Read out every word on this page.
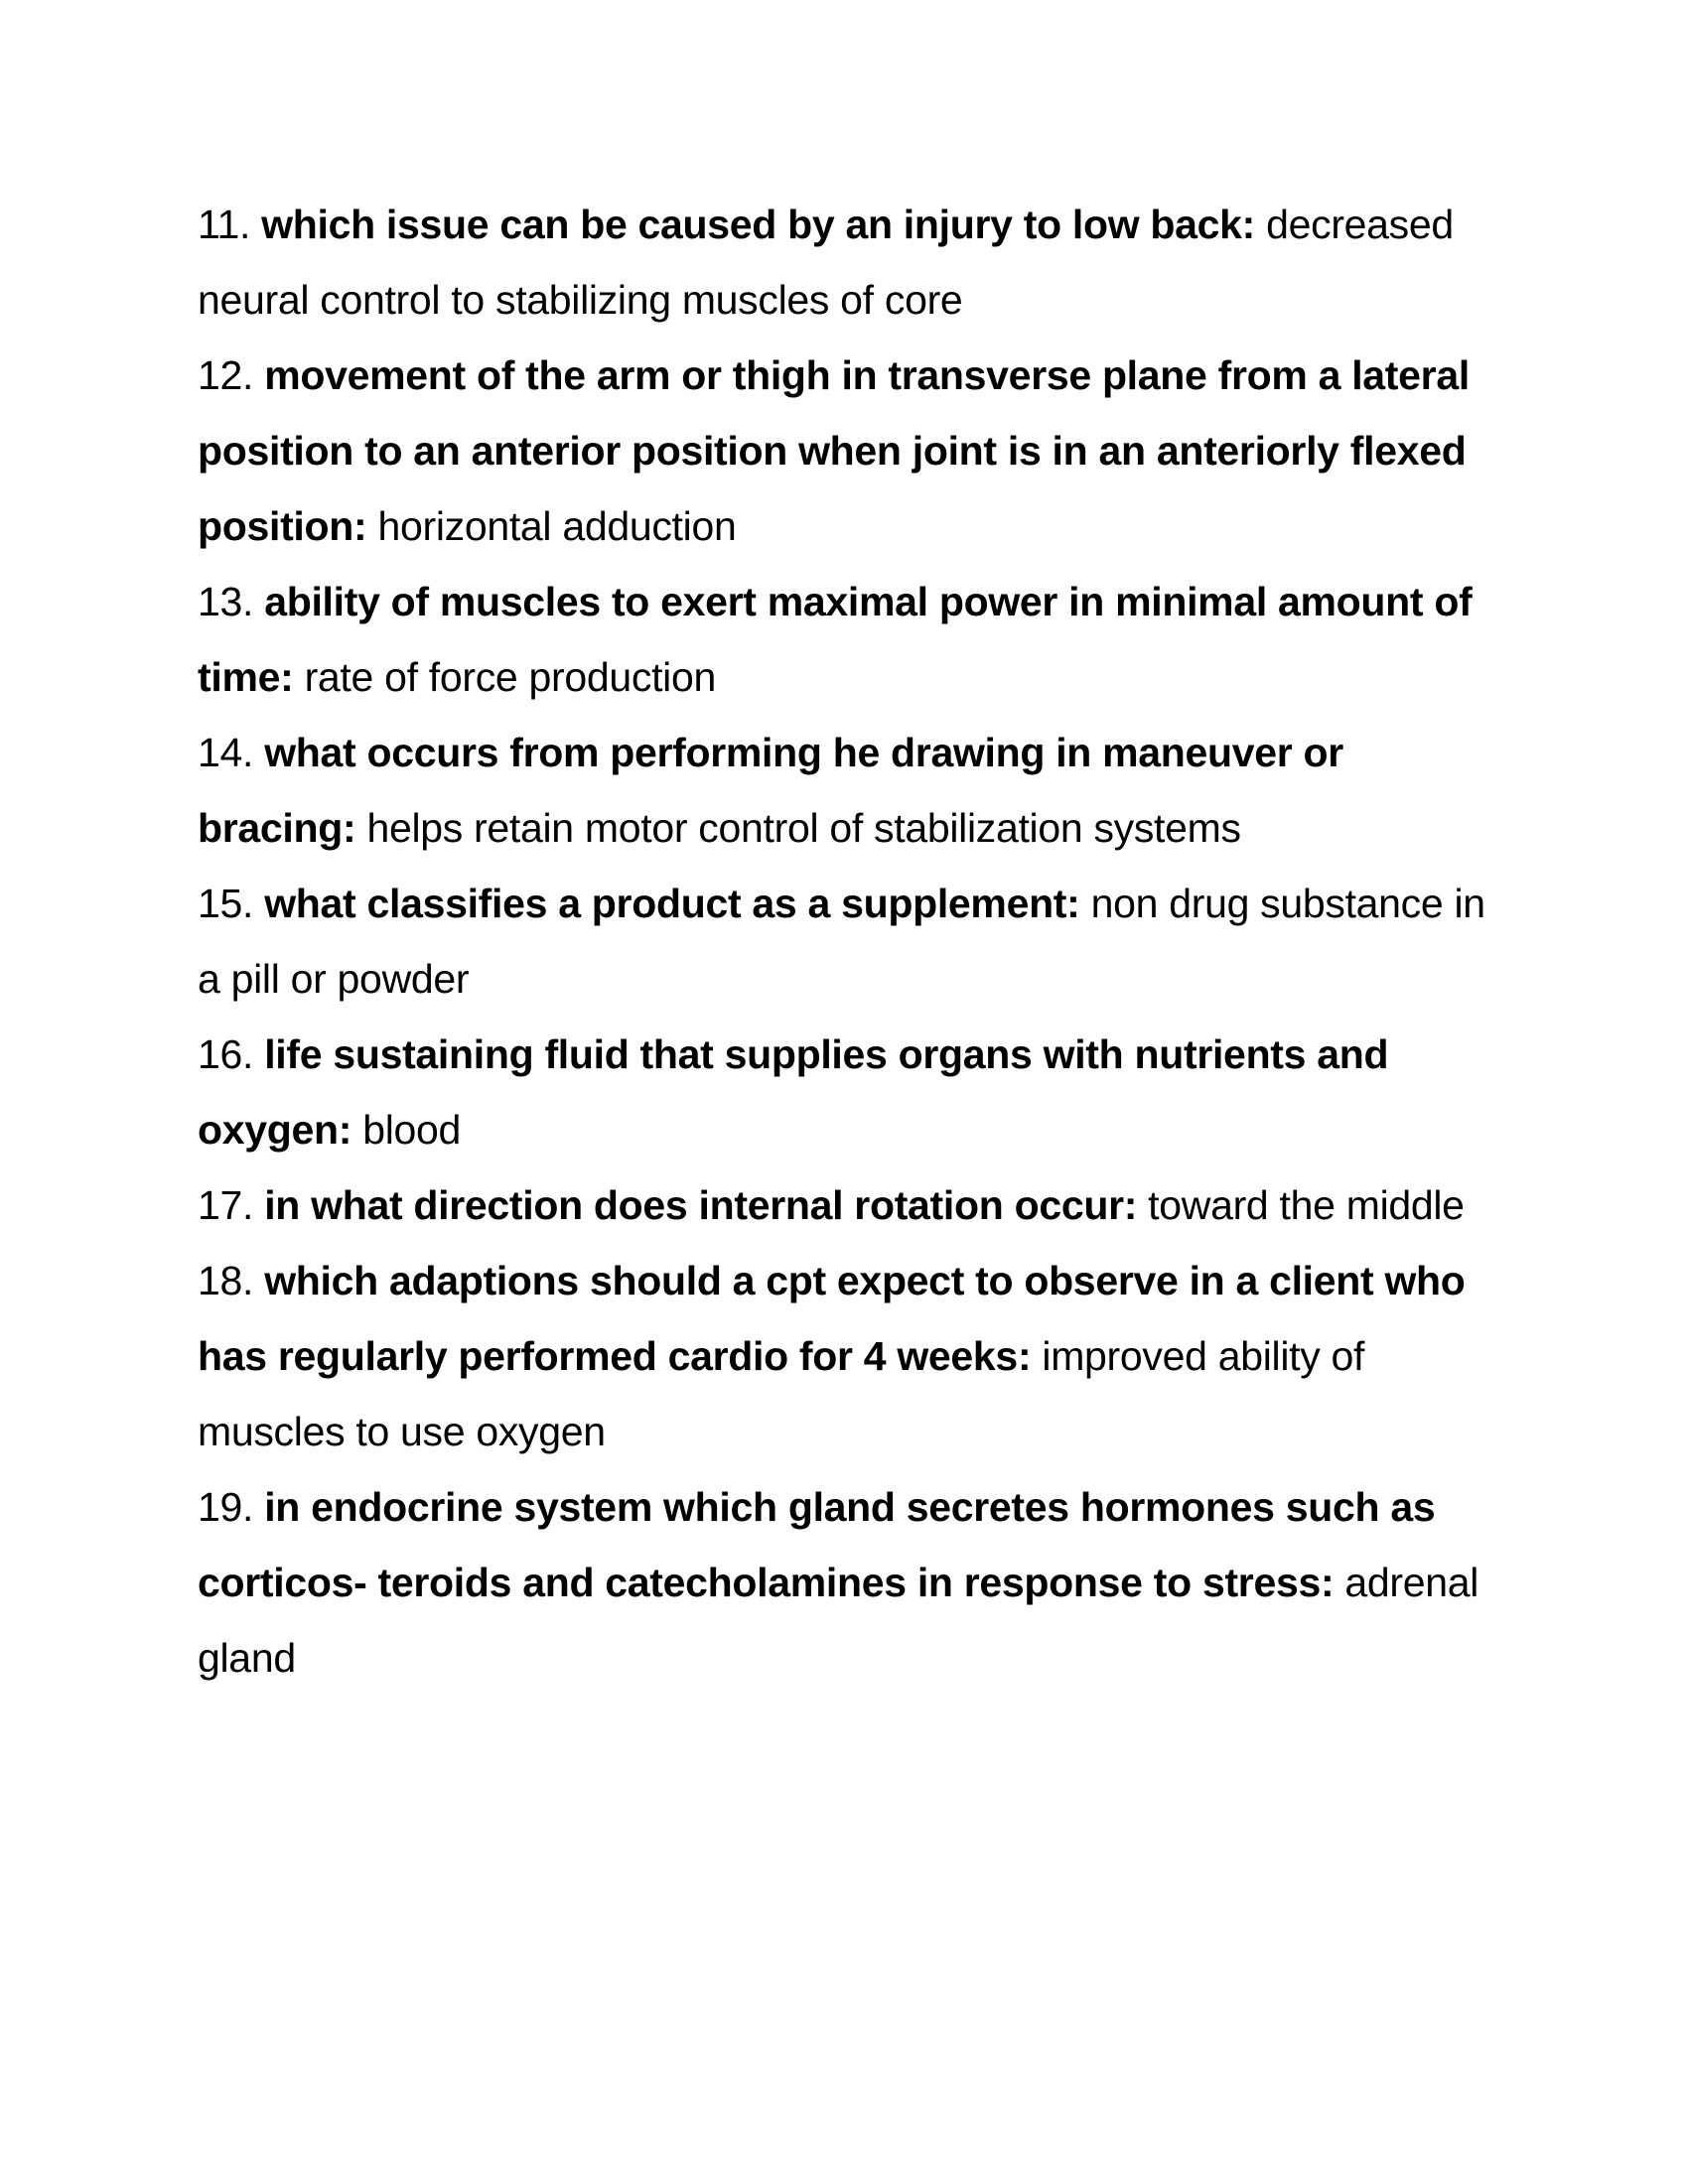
11. which issue can be caused by an injury to low back: decreased neural control to stabilizing muscles of core

12. movement of the arm or thigh in transverse plane from a lateral position to an anterior position when joint is in an anteriorly flexed position: horizontal adduction

13. ability of muscles to exert maximal power in minimal amount of time: rate of force production

14. what occurs from performing he drawing in maneuver or bracing: helps retain motor control of stabilization systems

15. what classifies a product as a supplement: non drug substance in a pill or powder

16. life sustaining fluid that supplies organs with nutrients and oxygen: blood

17. in what direction does internal rotation occur: toward the middle

18. which adaptions should a cpt expect to observe in a client who has regularly performed cardio for 4 weeks: improved ability of muscles to use oxygen

19. in endocrine system which gland secretes hormones such as corticos- teroids and catecholamines in response to stress: adrenal gland
